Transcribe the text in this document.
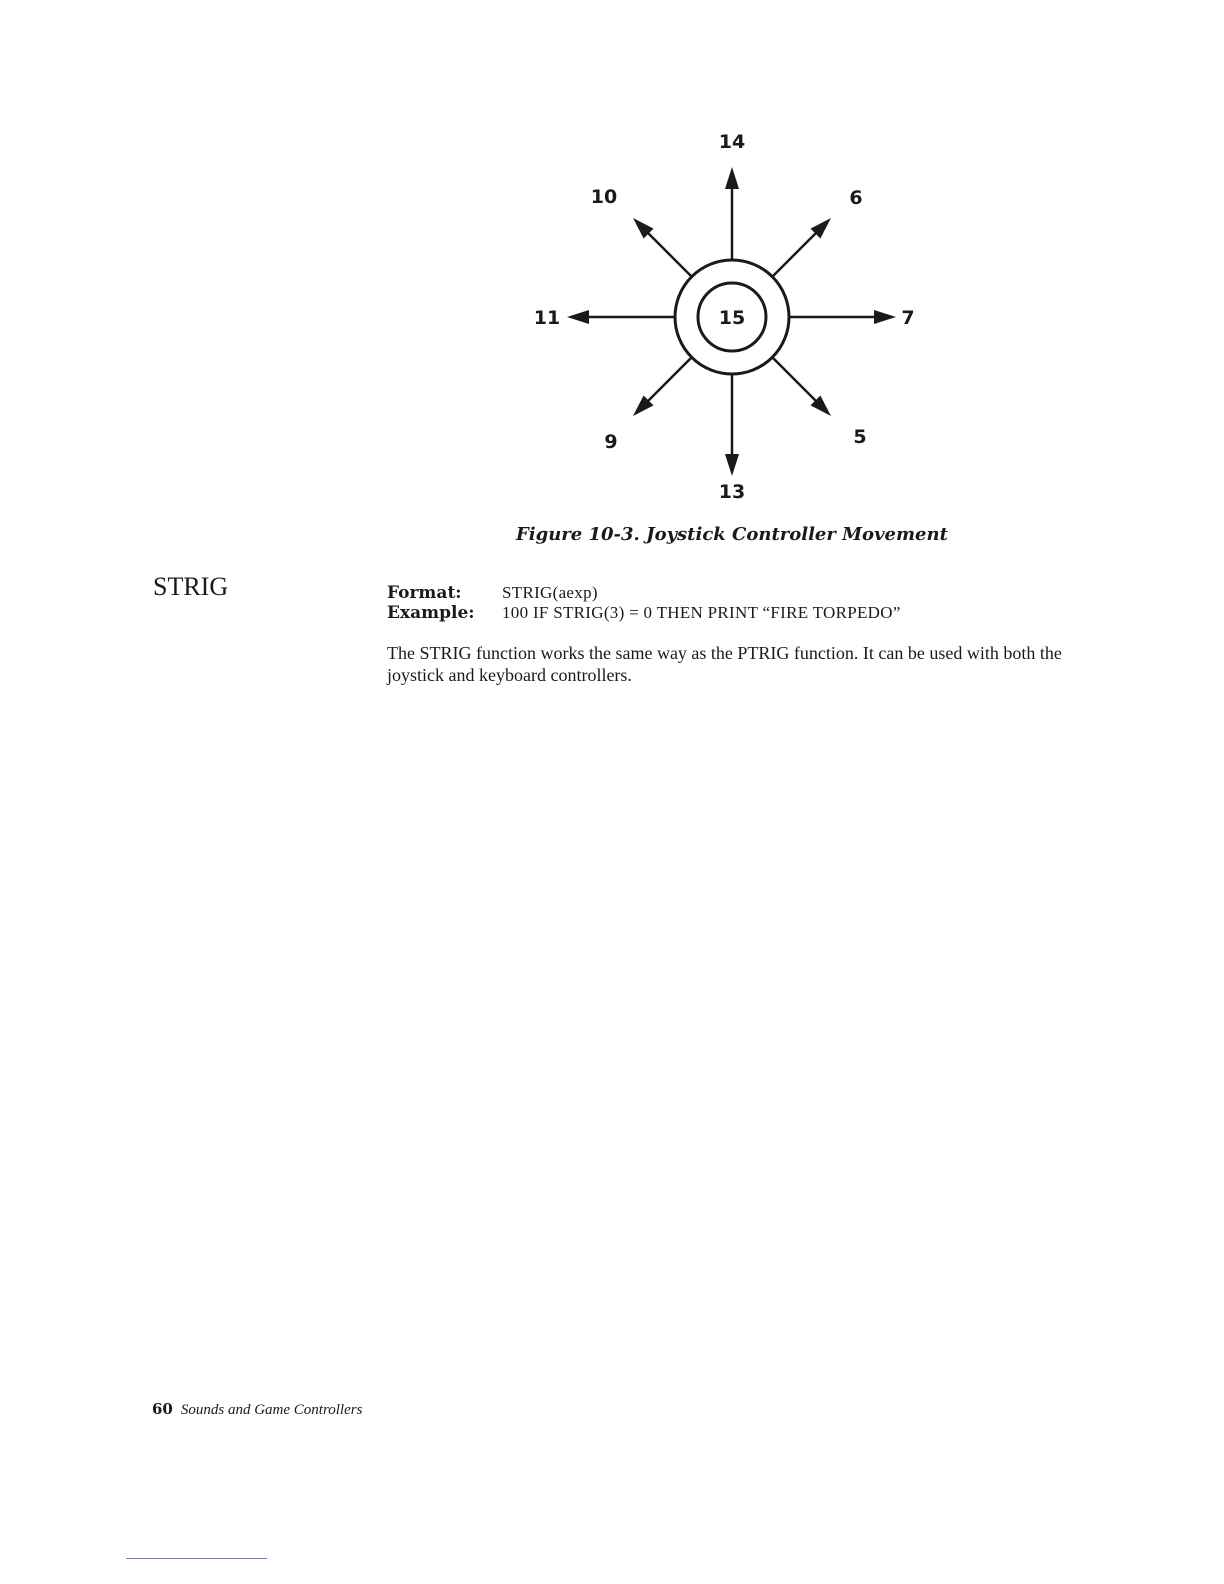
15
14
6
7
5
13
9
11
10
Figure 10-3. Joystick Controller Movement
STRIG	Format: STRIG(aexp)
Example: 100 IF STRIG(3) = 0 THEN PRINT “FIRE TORPEDO”
The STRIG function works the same way as the PTRIG function. It can be used with both the joystick and keyboard controllers.
60 Sounds and Game Controllers
